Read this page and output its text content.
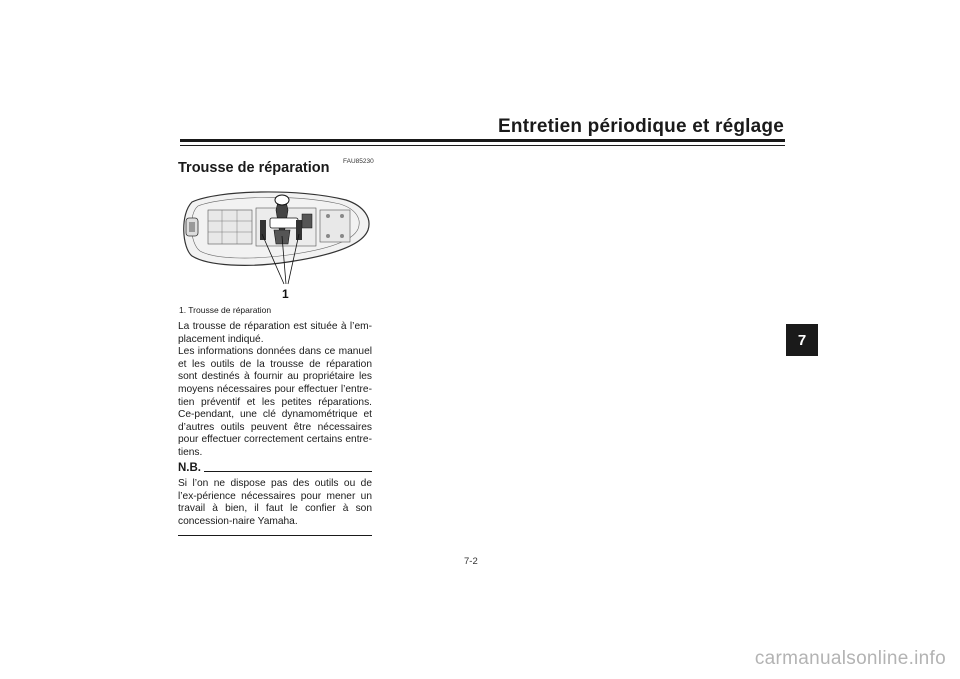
Entretien périodique et réglage
7
FAU85230
Trousse de réparation
1
1. Trousse de réparation

La trousse de réparation est située à l’em-placement indiqué.

Les informations données dans ce manuel et les outils de la trousse de réparation sont destinés à fournir au propriétaire les moyens nécessaires pour effectuer l’entre-tien préventif et les petites réparations. Ce-pendant, une clé dynamométrique et d’autres outils peuvent être nécessaires pour effectuer correctement certains entre-tiens.

N.B.
Si l’on ne dispose pas des outils ou de l’ex-périence nécessaires pour mener un travail à bien, il faut le confier à son concession-naire Yamaha.
7-2
carmanualsonline.info
